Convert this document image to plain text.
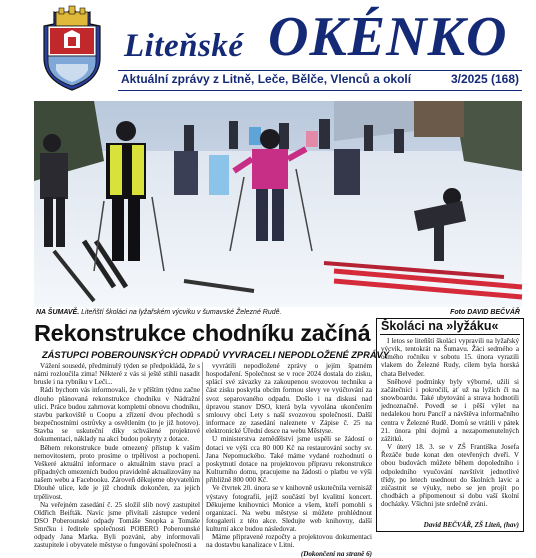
Liteňské OKÉNKO
Aktuální zprávy z Litně, Leče, Bělče, Vlenců a okolí	3/2025 (168)
NA ŠUMAVĚ. Liteňští školáci na lyžařském výcviku v šumavské Železné Rudě.	Foto DAVID BEČVÁŘ
Rekonstrukce chodníku začíná
ZÁSTUPCI POBEROUNSKÝCH ODPADŮ VYVRACELI NEPODLOŽENÉ ZPRÁVY

Vážení sousedé, předminulý týden se předpokládá, že s námi rozloučila zima! Některé z vás si ještě stihli nasadit brusle i na rybníku v Leči...

Rádi bychom vás informovali, že v příštím týdnu začne dlouho plánovaná rekonstrukce chodníku v Nádražní ulici. Práce budou zahrnovat kompletní obnovu chodníku, stavbu parkoviště u Coopu a zřízení dvou přechodů s bezpečnostními ostrůvky a osvětlením (to je již hotovo). Stavba se uskuteční díky schválené projektové dokumentaci, náklady na akci budou pokryty z dotace.

Během rekonstrukce bude omezený přístup k vašim nemovitostem, proto prosíme o trpělivost a pochopení. Veškeré aktuální informace o aktuálním stavu prací a případných omezeních budou pravidelně aktualizovány na našem webu a Facebooku. Zároveň děkujeme obyvatelům Dlouhé ulice, kde je již chodník dokončen, za jejich trpělivost.

Na veřejném zasedání č. 25 složil slib nový zastupitel Oldřich Beifták. Navíc jsme přivítali zástupce vedení DSO Poberounské odpady Tomáše Snopka a Tomáše Smrčku i ředitele společnosti POBERO Poberounské odpady Jana Marka. Byli pozváni, aby informovali zastupitele i obyvatele městyse o fungování společnosti a

vyvrátili nepodložené zprávy o jejím špatném hospodaření. Společnost se v roce 2024 dostala do zisku, splácí své závazky za zakoupenou svozovou techniku a část zisku poskytla obcím formou slevy ve vyúčtování za svoz separovaného odpadu. Došlo i na diskusi nad úpravou stanov DSO, která byla vyvolána ukončením smlouvy obcí Lety s naší svozovou společností. Další informace ze zasedání naleznete v Zápise č. 25 na elektronické Úřední desce na webu Městyse.

U ministerstva zemědělství jsme uspěli se žádostí o dotaci ve výši cca 80 000 Kč na restaurování sochy sv. Jana Nepomuckého. Také máme vydané rozhodnutí o poskytnutí dotace na projektovou přípravu rekonstrukce Kulturního domu, pracujeme na žádosti o platbu ve výši přibližně 800 000 Kč.

Ve čtvrtek 20. února se v knihovně uskutečnila vernisáž výstavy fotografií, jejíž součástí byl kvalitní koncert. Děkujeme knihovnici Monice a všem, kteří pomohli s organizací. Na webu městyse si můžete prohlédnout fotogalerii z této akce. Sledujte web knihovny, další kulturní akce budou následovat.

Máme připravené rozpočty a projektovou dokumentaci na dostavbu kanalizace v Litni.

(Dokončení na straně 6)

Školáci na »lyžáku«

I letos se liteňští školáci vypravili na lyžařský výcvik, tentokrát na Šumavu. Žáci sedmého a osmého ročníku v sobotu 15. února vyrazili vlakem do Železné Rudy, cílem byla horská chata Belveder.

Sněhové podmínky byly výborné, užili si začátečníci i pokročilí, ať už na lyžích či na snowboardu. Také ubytování a strava hodnotili jednoznačně. Povedl se i pěší výlet na nedalekou horu Pancíř a návštěva informačního centra v Železné Rudě. Domů se vrátili v pátek 21. února plni dojmů a nezapomenutelných zážitků.

V úterý 18. 3. se v ZŠ Františka Josefa Řezáče bude konat den otevřených dveří. V obou budovách můžete během dopoledního i odpoledního vyučování navštívit jednotlivé třídy, po letech usednout do školních lavic a zúčastnit se výuky, nebo se jen projít po chodbách a připomenout si dobu vaší školní docházky. Všichni jste srdečně zváni.

David BEČVÁŘ, ZŠ Liteň, (hav)
